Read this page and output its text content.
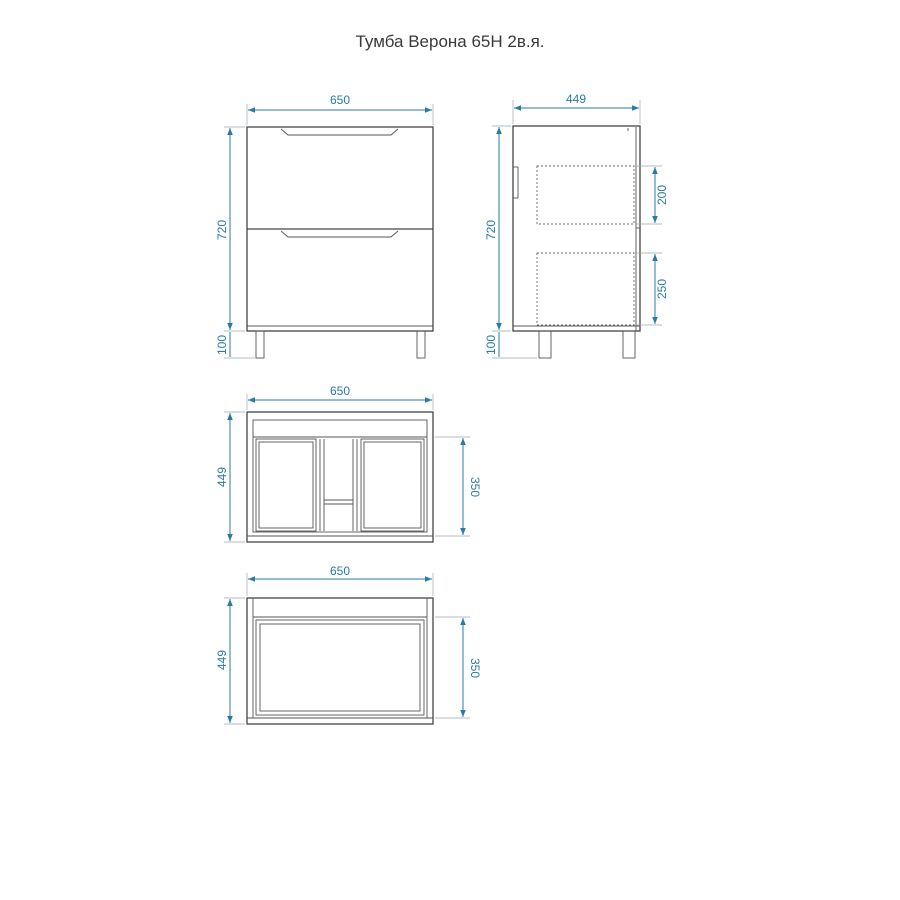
Тумба Верона 65Н 2в.я.
650
720
100
449
720
100
200
250
650
449	350
650
449	350
